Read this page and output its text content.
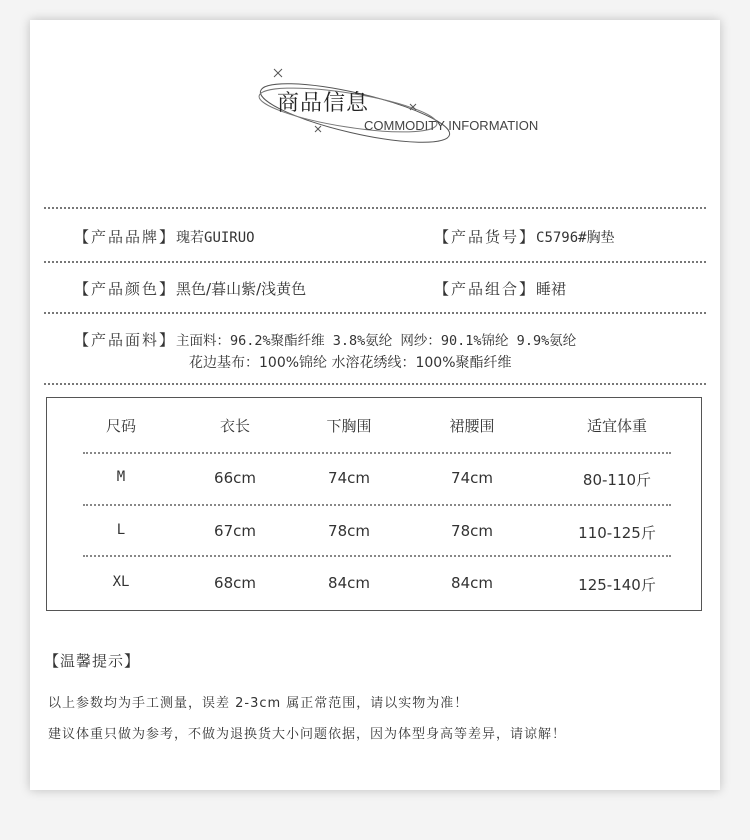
商品信息
COMMODITY INFORMATION
【产品品牌】瑰若GUIRUO	【产品货号】C5796#胸垫
【产品颜色】黑色/暮山紫/浅黄色	【产品组合】睡裙
【产品面料】主面料：96.2%聚酯纤维 3.8%氨纶 网纱：90.1%锦纶 9.9%氨纶
花边基布：100%锦纶 水溶花绣线：100%聚酯纤维
尺码	衣长	下胸围	裙腰围	适宜体重
M	66cm	74cm	74cm	80-110斤
L	67cm	78cm	78cm	110-125斤
XL	68cm	84cm	84cm	125-140斤
【温馨提示】
以上参数均为手工测量，误差 2-3cm 属正常范围，请以实物为准！
建议体重只做为参考，不做为退换货大小问题依据，因为体型身高等差异，请谅解！
